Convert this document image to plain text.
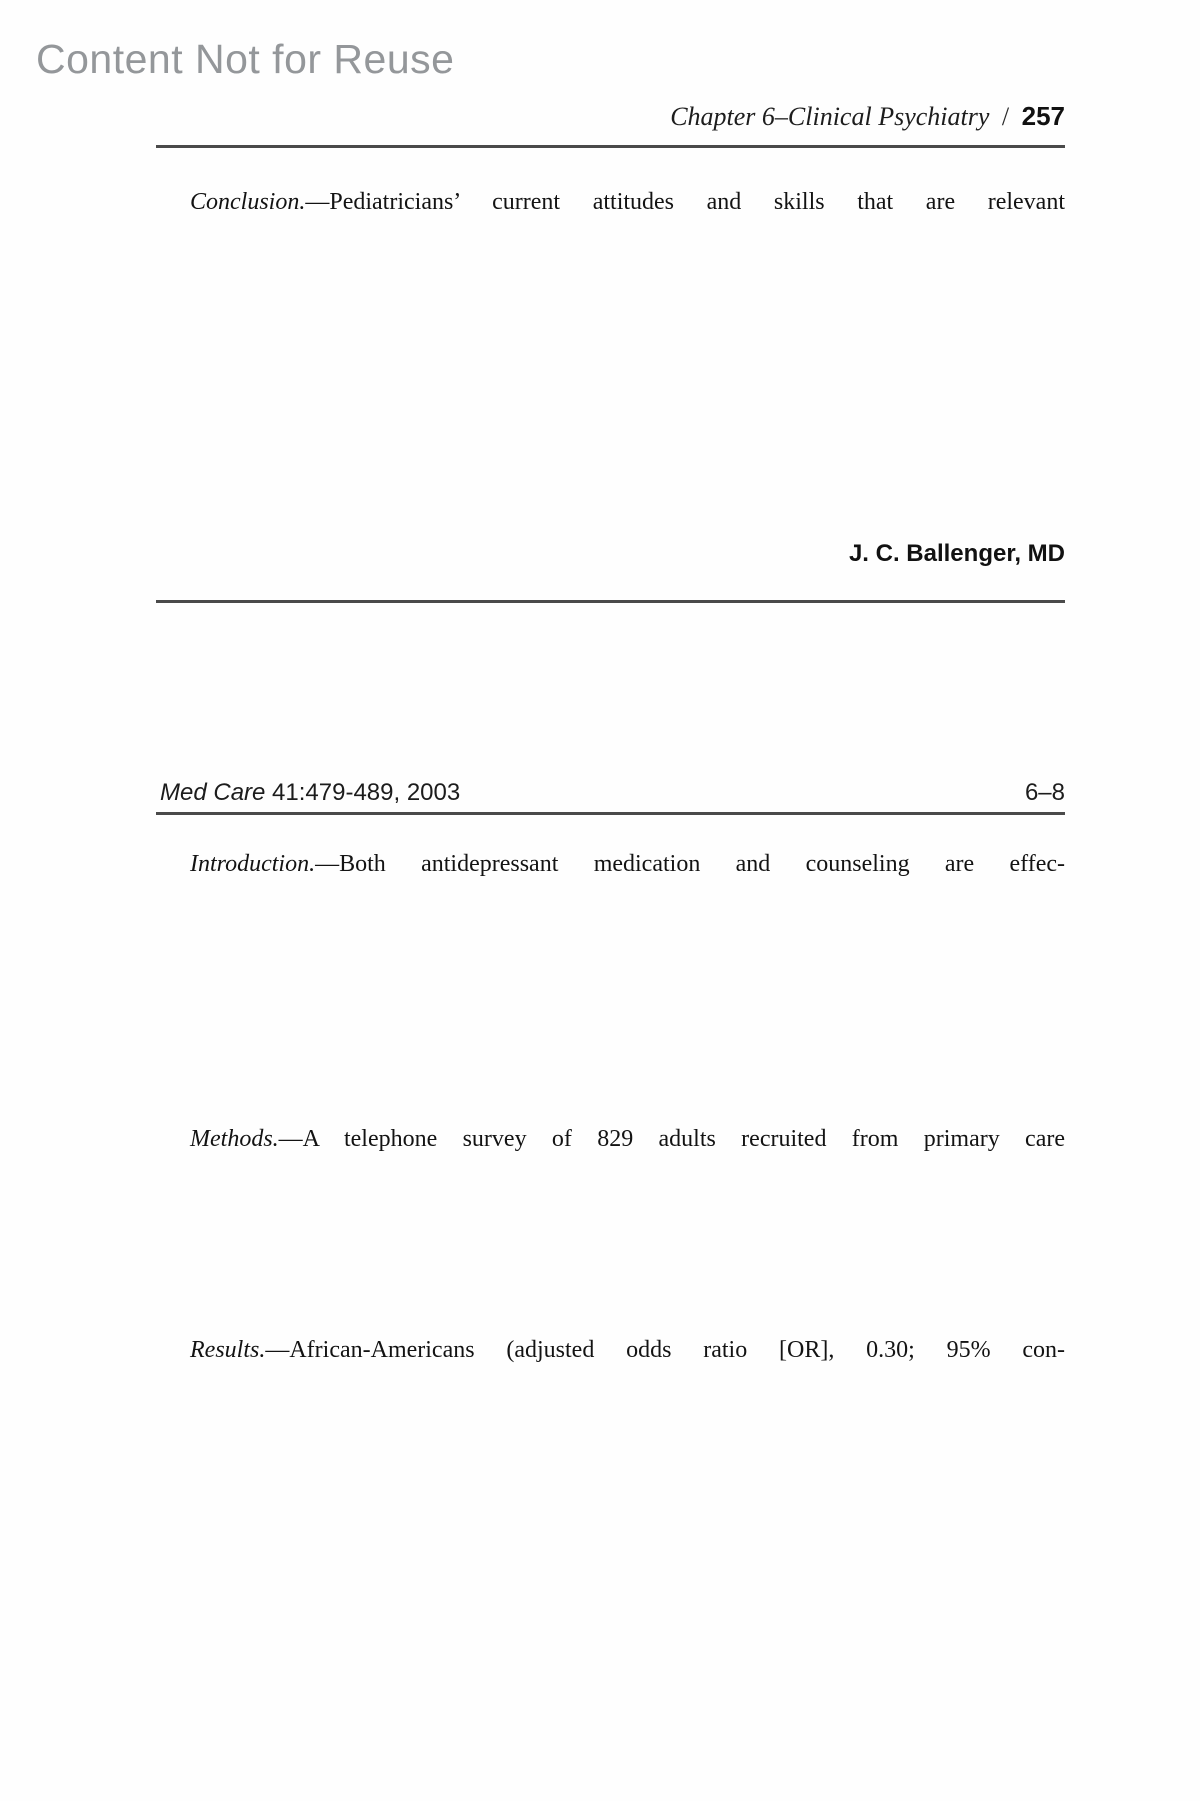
Content Not for Reuse
Chapter 6–Clinical Psychiatry / 257
Conclusion.—Pediatricians’ current attitudes and skills that are relevant
J. C. Ballenger, MD
Med Care 41:479-489, 2003	6–8
Introduction.—Both antidepressant medication and counseling are effec-
Methods.—A telephone survey of 829 adults recruited from primary care
Results.—African-Americans (adjusted odds ratio [OR], 0.30; 95% con-
